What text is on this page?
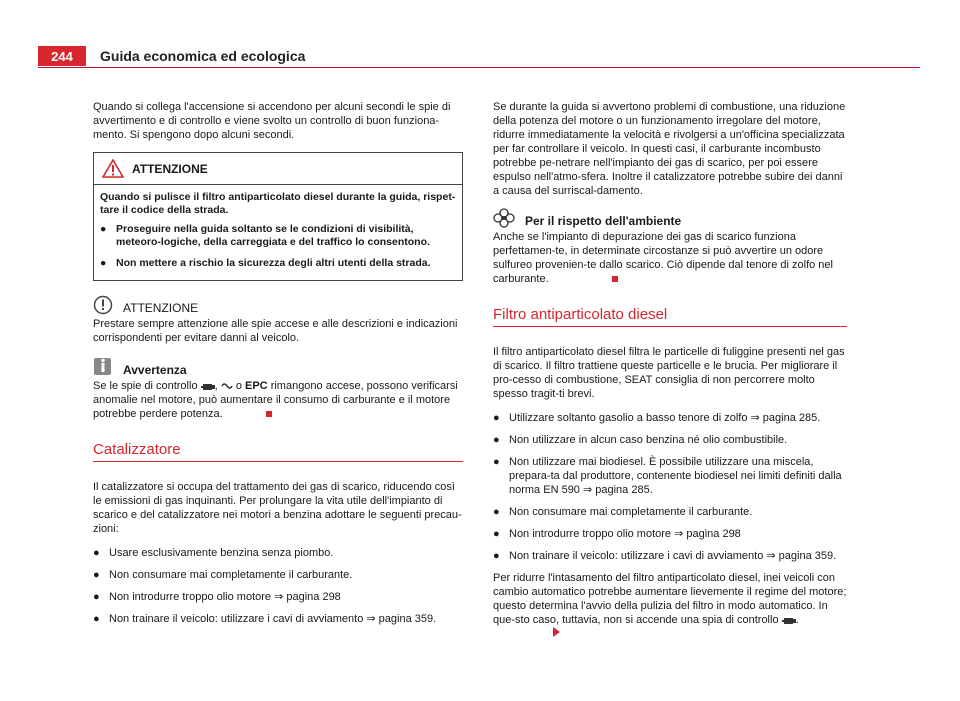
244	Guida economica ed ecologica

Quando si collega l'accensione si accendono per alcuni secondi le spie di avvertimento e di controllo e viene svolto un controllo di buon funziona-mento. Si spengono dopo alcuni secondi.

ATTENZIONE

Quando si pulisce il filtro antiparticolato diesel durante la guida, rispet-tare il codice della strada.

● Proseguire nella guida soltanto se le condizioni di visibilità, meteoro-logiche, della carreggiata e del traffico lo consentono.
● Non mettere a rischio la sicurezza degli altri utenti della strada.
ATTENZIONE

Prestare sempre attenzione alle spie accese e alle descrizioni e indicazioni corrispondenti per evitare danni al veicolo.

Avvertenza

Se le spie di controllo , o EPC rimangono accese, possono verificarsi anomalie nel motore, può aumentare il consumo di carburante e il motore potrebbe perdere potenza.

Catalizzatore

Il catalizzatore si occupa del trattamento dei gas di scarico, riducendo così le emissioni di gas inquinanti. Per prolungare la vita utile dell'impianto di scarico e del catalizzatore nei motori a benzina adottare le seguenti precau-zioni:

● Usare esclusivamente benzina senza piombo.
● Non consumare mai completamente il carburante.
● Non introdurre troppo olio motore ⇒ pagina 298
● Non trainare il veicolo: utilizzare i cavi di avviamento ⇒ pagina 359.

Se durante la guida si avvertono problemi di combustione, una riduzione della potenza del motore o un funzionamento irregolare del motore, ridurre immediatamente la velocità e rivolgersi a un'officina specializzata per far controllare il veicolo. In questi casi, il carburante incombusto potrebbe pe-netrare nell'impianto dei gas di scarico, per poi essere espulso nell'atmo-sfera. Inoltre il catalizzatore potrebbe subire dei danni a causa del surriscal-damento.

Per il rispetto dell'ambiente

Anche se l'impianto di depurazione dei gas di scarico funziona perfettamen-te, in determinate circostanze si può avvertire un odore sulfureo provenien-te dallo scarico. Ciò dipende dal tenore di zolfo nel carburante.

Filtro antiparticolato diesel

Il filtro antiparticolato diesel filtra le particelle di fuliggine presenti nel gas di scarico. Il filtro trattiene queste particelle e le brucia. Per migliorare il pro-cesso di combustione, SEAT consiglia di non percorrere molto spesso tragit-ti brevi.

● Utilizzare soltanto gasolio a basso tenore di zolfo ⇒ pagina 285.
● Non utilizzare in alcun caso benzina né olio combustibile.
● Non utilizzare mai biodiesel. È possibile utilizzare una miscela, prepara-ta dal produttore, contenente biodiesel nei limiti definiti dalla norma EN 590 ⇒ pagina 285.
● Non consumare mai completamente il carburante.
● Non introdurre troppo olio motore ⇒ pagina 298
● Non trainare il veicolo: utilizzare i cavi di avviamento ⇒ pagina 359.

Per ridurre l'intasamento del filtro antiparticolato diesel, inei veicoli con cambio automatico potrebbe aumentare lievemente il regime del motore; questo determina l'avvio della pulizia del filtro in modo automatico. In que-sto caso, tuttavia, non si accende una spia di controllo .
